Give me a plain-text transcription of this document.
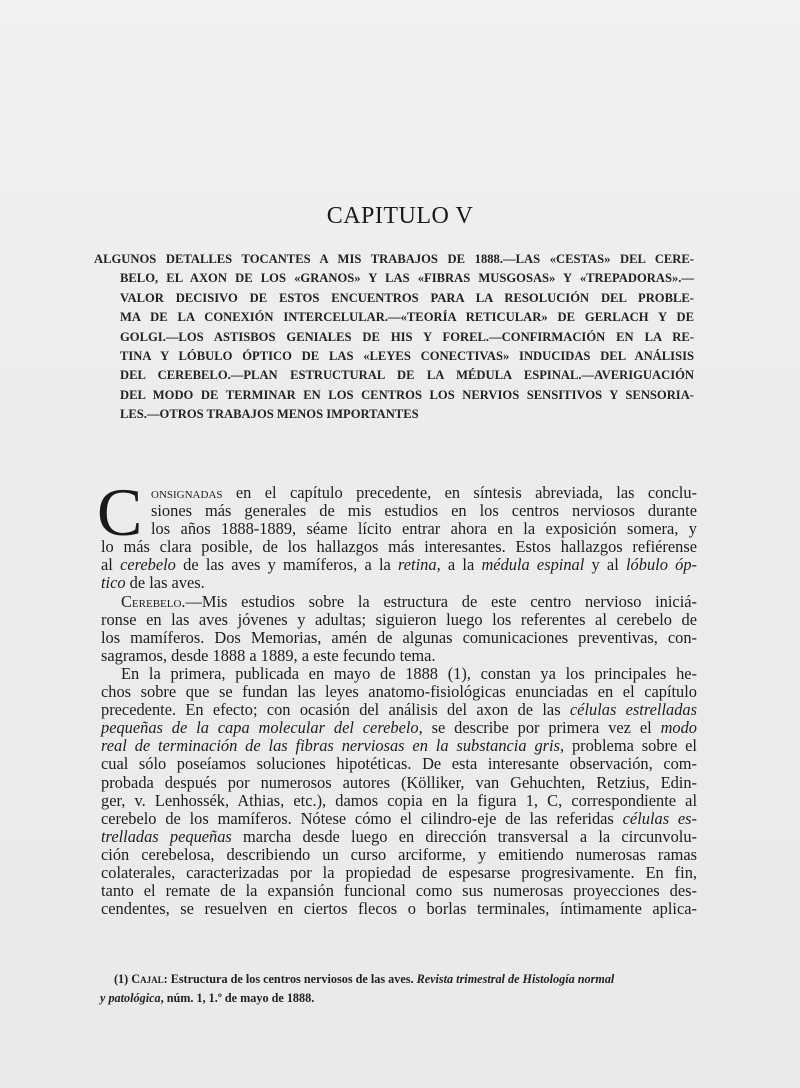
CAPITULO V
ALGUNOS DETALLES TOCANTES A MIS TRABAJOS DE 1888.—LAS «CESTAS» DEL CERE-
BELO, EL AXON DE LOS «GRANOS» Y LAS «FIBRAS MUSGOSAS» Y «TREPADORAS».—
VALOR DECISIVO DE ESTOS ENCUENTROS PARA LA RESOLUCIÓN DEL PROBLE-
MA DE LA CONEXIÓN INTERCELULAR.—«TEORÍA RETICULAR» DE GERLACH Y DE
GOLGI.—LOS ASTISBOS GENIALES DE HIS Y FOREL.—CONFIRMACIÓN EN LA RE-
TINA Y LÓBULO ÓPTICO DE LAS «LEYES CONECTIVAS» INDUCIDAS DEL ANÁLISIS
DEL CEREBELO.—PLAN ESTRUCTURAL DE LA MÉDULA ESPINAL.—AVERIGUACIÓN
DEL MODO DE TERMINAR EN LOS CENTROS LOS NERVIOS SENSITIVOS Y SENSORIA-
LES.—OTROS TRABAJOS MENOS IMPORTANTES
C onsignadas en el capítulo precedente, en síntesis abreviada, las conclu-
siones más generales de mis estudios en los centros nerviosos durante
los años 1888-1889, séame lícito entrar ahora en la exposición somera, y
lo más clara posible, de los hallazgos más interesantes. Estos hallazgos refiérense
al cerebelo de las aves y mamíferos, a la retina, a la médula espinal y al lóbulo óp-
tico de las aves.
Cerebelo.—Mis estudios sobre la estructura de este centro nervioso iniciá-
ronse en las aves jóvenes y adultas; siguieron luego los referentes al cerebelo de
los mamíferos. Dos Memorias, amén de algunas comunicaciones preventivas, con-
sagramos, desde 1888 a 1889, a este fecundo tema.
En la primera, publicada en mayo de 1888 (1), constan ya los principales he-
chos sobre que se fundan las leyes anatomo-fisiológicas enunciadas en el capítulo
precedente. En efecto; con ocasión del análisis del axon de las células estrelladas
pequeñas de la capa molecular del cerebelo, se describe por primera vez el modo
real de terminación de las fibras nerviosas en la substancia gris, problema sobre el
cual sólo poseíamos soluciones hipotéticas. De esta interesante observación, com-
probada después por numerosos autores (Kölliker, van Gehuchten, Retzius, Edin-
ger, v. Lenhossék, Athias, etc.), damos copia en la figura 1, C, correspondiente al
cerebelo de los mamíferos. Nótese cómo el cilindro-eje de las referidas células es-
trelladas pequeñas marcha desde luego en dirección transversal a la circunvolu-
ción cerebelosa, describiendo un curso arciforme, y emitiendo numerosas ramas
colaterales, caracterizadas por la propiedad de espesarse progresivamente. En fin,
tanto el remate de la expansión funcional como sus numerosas proyecciones des-
cendentes, se resuelven en ciertos flecos o borlas terminales, íntimamente aplica-
(1) Cajal: Estructura de los centros nerviosos de las aves. Revista trimestral de Histología normal
y patológica, núm. 1, 1.º de mayo de 1888.
